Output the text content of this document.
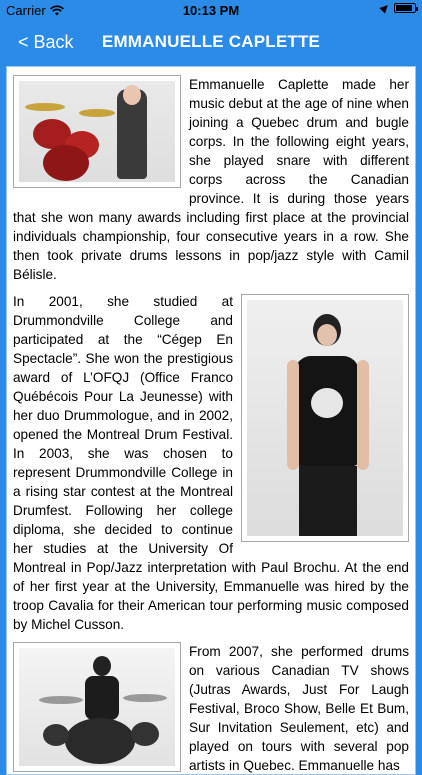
Carrier	10:13 PM
< Back	EMMANUELLE CAPLETTE

Emmanuelle Caplette made her music debut at the age of nine when joining a Quebec drum and bugle corps. In the following eight years, she played snare with different corps across the Canadian province. It is during those years that she won many awards including first place at the provincial individuals championship, four consecutive years in a row. She then took private drums lessons in pop/jazz style with Camil Bélisle.

In 2001, she studied at Drummondville College and participated at the “Cégep En Spectacle”. She won the prestigious award of L’OFQJ (Office Franco Québécois Pour La Jeunesse) with her duo Drummologue, and in 2002, opened the Montreal Drum Festival. In 2003, she was chosen to represent Drummondville College in a rising star contest at the Montreal Drumfest. Following her college diploma, she decided to continue her studies at the University Of Montreal in Pop/Jazz interpretation with Paul Brochu. At the end of her first year at the University, Emmanuelle was hired by the troop Cavalia for their American tour performing music composed by Michel Cusson.

From 2007, she performed drums on various Canadian TV shows (Jutras Awards, Just For Laugh Festival, Broco Show, Belle Et Bum, Sur Invitation Seulement, etc) and played on tours with several pop artists in Quebec. Emmanuelle has
